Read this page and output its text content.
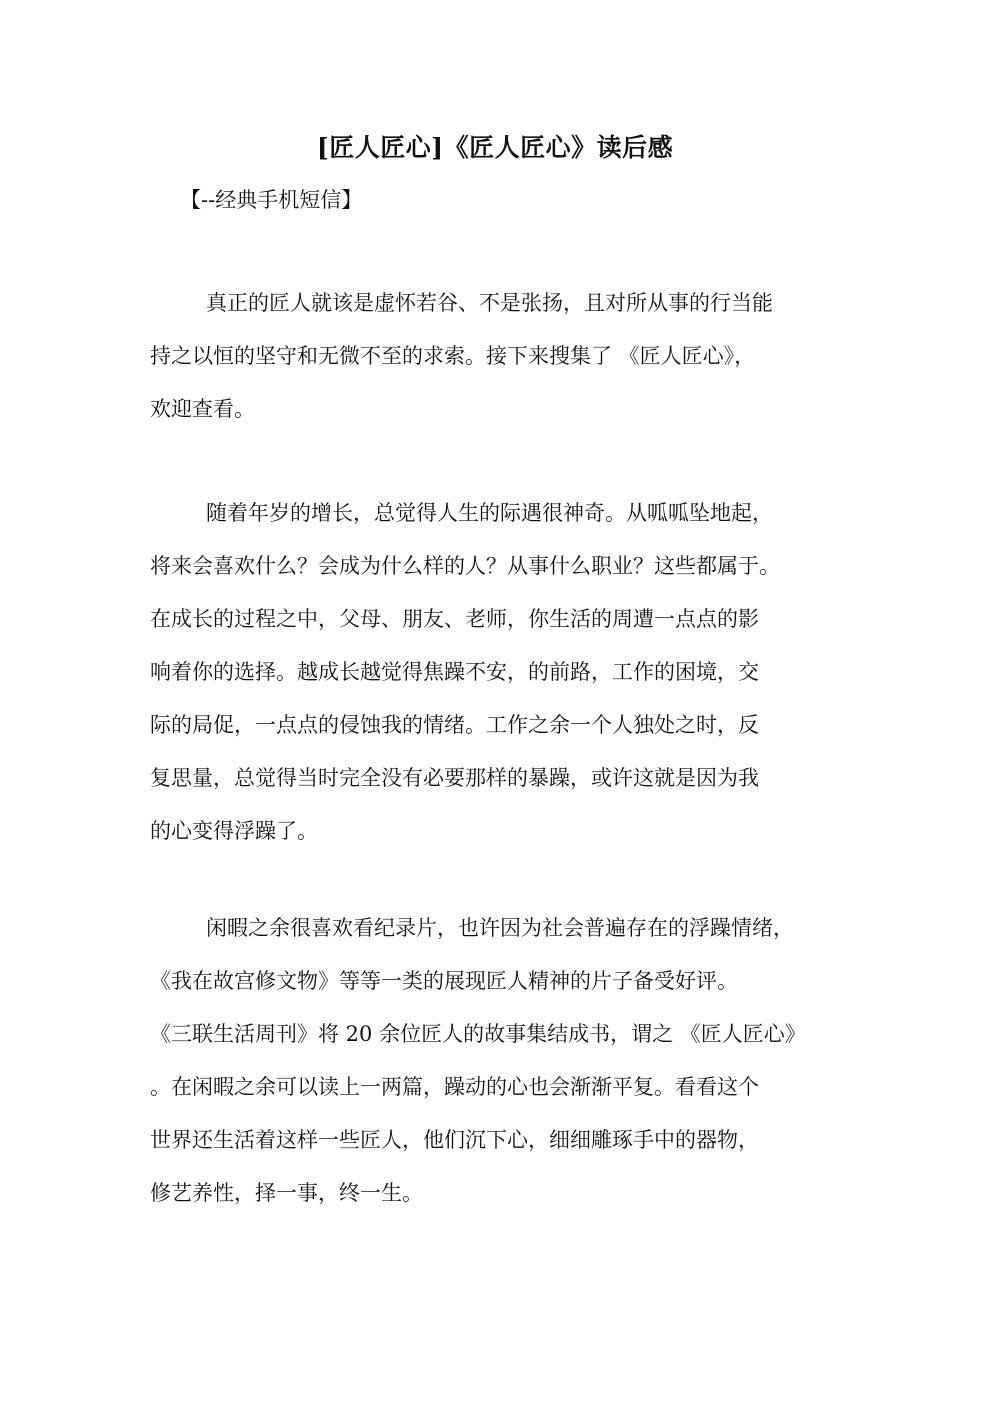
[匠人匠心]《匠人匠心》读后感
【--经典手机短信】
真正的匠人就该是虚怀若谷、不是张扬，且对所从事的行当能
持之以恒的坚守和无微不至的求索。接下来搜集了 《匠人匠心》，
欢迎查看。
随着年岁的增长，总觉得人生的际遇很神奇。从呱呱坠地起，
将来会喜欢什么？会成为什么样的人？从事什么职业？这些都属于。
在成长的过程之中，父母、朋友、老师，你生活的周遭一点点的影
响着你的选择。越成长越觉得焦躁不安，的前路，工作的困境，交
际的局促，一点点的侵蚀我的情绪。工作之余一个人独处之时，反
复思量，总觉得当时完全没有必要那样的暴躁，或许这就是因为我
的心变得浮躁了。
闲暇之余很喜欢看纪录片，也许因为社会普遍存在的浮躁情绪，
《我在故宫修文物》等等一类的展现匠人精神的片子备受好评。
《三联生活周刊》将 20 余位匠人的故事集结成书，谓之 《匠人匠心》
。在闲暇之余可以读上一两篇，躁动的心也会渐渐平复。看看这个
世界还生活着这样一些匠人，他们沉下心，细细雕琢手中的器物，
修艺养性，择一事，终一生。
